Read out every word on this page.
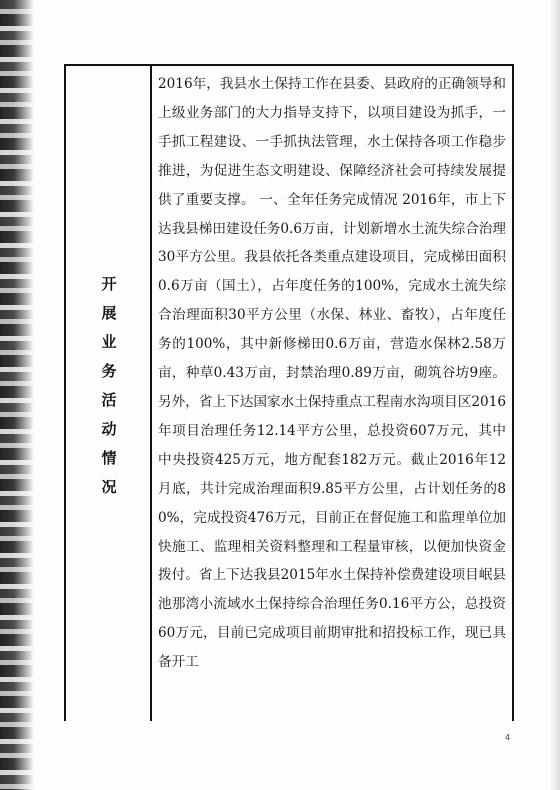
开展业务活动情况

2016年，我县水土保持工作在县委、县政府的正确领导和上级业务部门的大力指导支持下，以项目建设为抓手，一手抓工程建设、一手抓执法管理，水土保持各项工作稳步推进，为促进生态文明建设、保障经济社会可持续发展提供了重要支撑。 一、全年任务完成情况 2016年，市上下达我县梯田建设任务0.6万亩，计划新增水土流失综合治理30平方公里。我县依托各类重点建设项目，完成梯田面积0.6万亩（国土），占年度任务的100%，完成水土流失综合治理面积30平方公里（水保、林业、畜牧），占年度任务的100%，其中新修梯田0.6万亩，营造水保林2.58万亩，种草0.43万亩，封禁治理0.89万亩，砌筑谷坊9座。另外，省上下达国家水土保持重点工程南水沟项目区2016年项目治理任务12.14平方公里，总投资607万元，其中中央投资425万元，地方配套182万元。截止2016年12月底，共计完成治理面积9.85平方公里，占计划任务的80%，完成投资476万元，目前正在督促施工和监理单位加快施工、监理相关资料整理和工程量审核，以便加快资金拨付。省上下达我县2015年水土保持补偿费建设项目岷县池那湾小流域水土保持综合治理任务0.16平方公，总投资60万元，目前已完成项目前期审批和招投标工作，现已具备开工

4
